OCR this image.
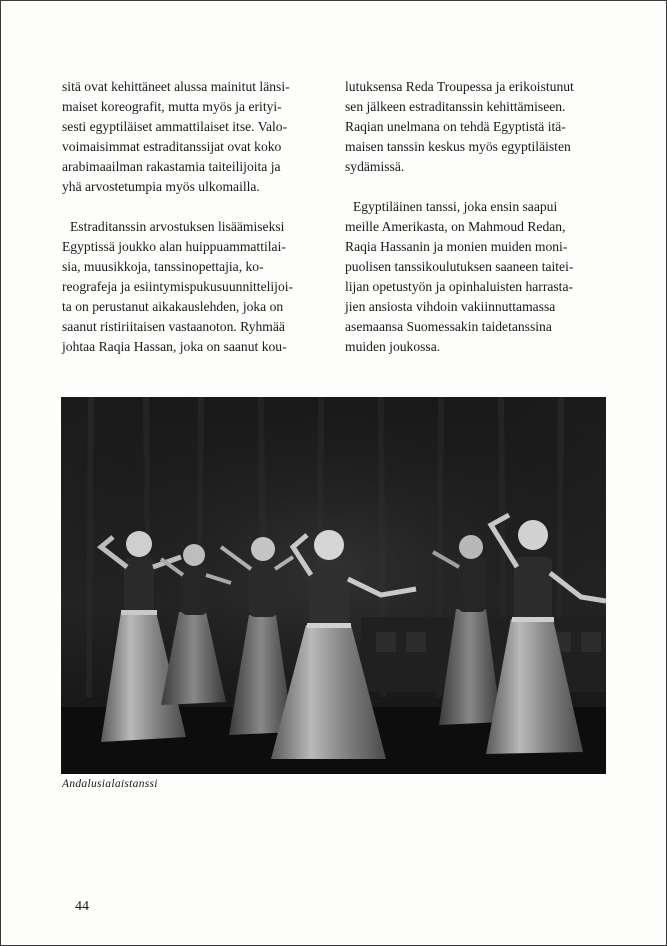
sitä ovat kehittäneet alussa mainitut länsi-
maiset koreografit, mutta myös ja erityi-
sesti egyptiläiset ammattilaiset itse. Valo-
voimaisimmat estraditanssijat ovat koko
arabimaailman rakastamia taiteilijoita ja
yhä arvostetumpia myös ulkomailla.

Estraditanssin arvostuksen lisäämiseksi
Egyptissä joukko alan huippuammattilai-
sia, muusikkoja, tanssinopettajia, ko-
reografeja ja esiintymispukusuunnittelijoi-
ta on perustanut aikakauslehden, joka on
saanut ristiriitaisen vastaanoton. Ryhmää
johtaa Raqia Hassan, joka on saanut kou-

lutuksensa Reda Troupessa ja erikoistunut
sen jälkeen estraditanssin kehittämiseen.
Raqian unelmana on tehdä Egyptistä itä-
maisen tanssin keskus myös egyptiläisten
sydämissä.

Egyptiläinen tanssi, joka ensin saapui
meille Amerikasta, on Mahmoud Redan,
Raqia Hassanin ja monien muiden moni-
puolisen tanssikoulutuksen saaneen taitei-
lijan opetustyön ja opinhaluisten harrasta-
jien ansiosta vihdoin vakiinnuttamassa
asemaansa Suomessakin taidetanssina
muiden joukossa.

Andalusialaistanssi
44
